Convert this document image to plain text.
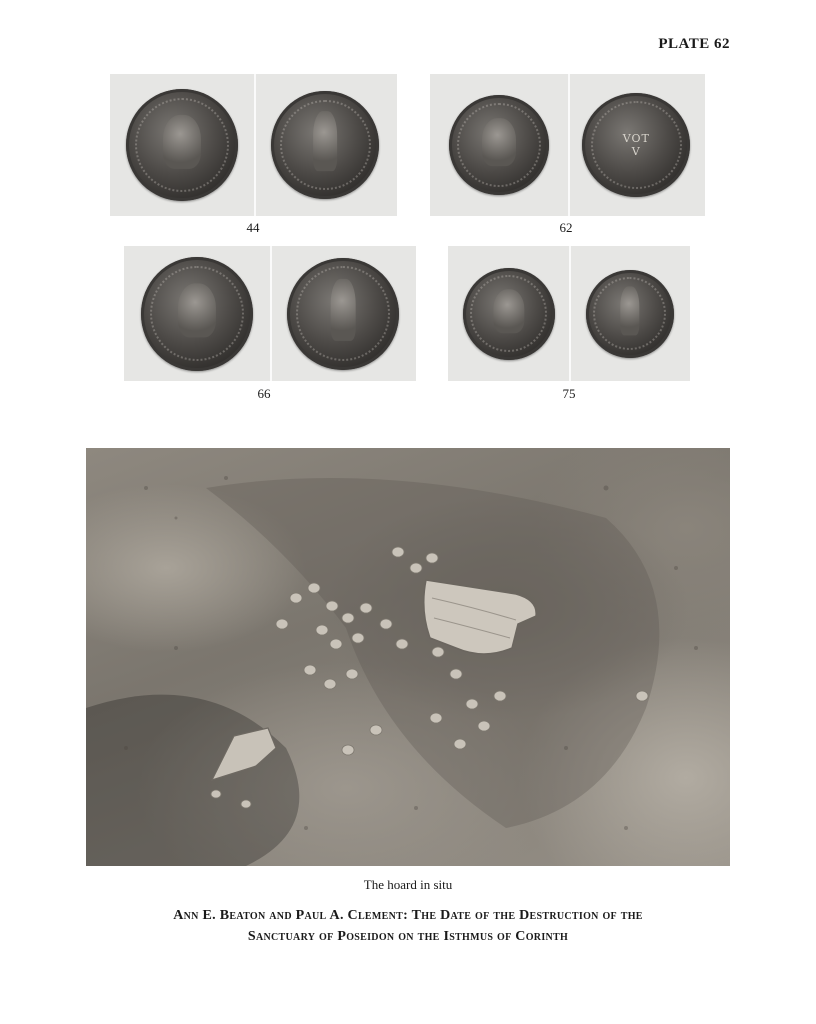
PLATE 62
44
VOT
V
62
66	75
The hoard in situ
Ann E. Beaton and Paul A. Clement: The Date of the Destruction of the
Sanctuary of Poseidon on the Isthmus of Corinth
